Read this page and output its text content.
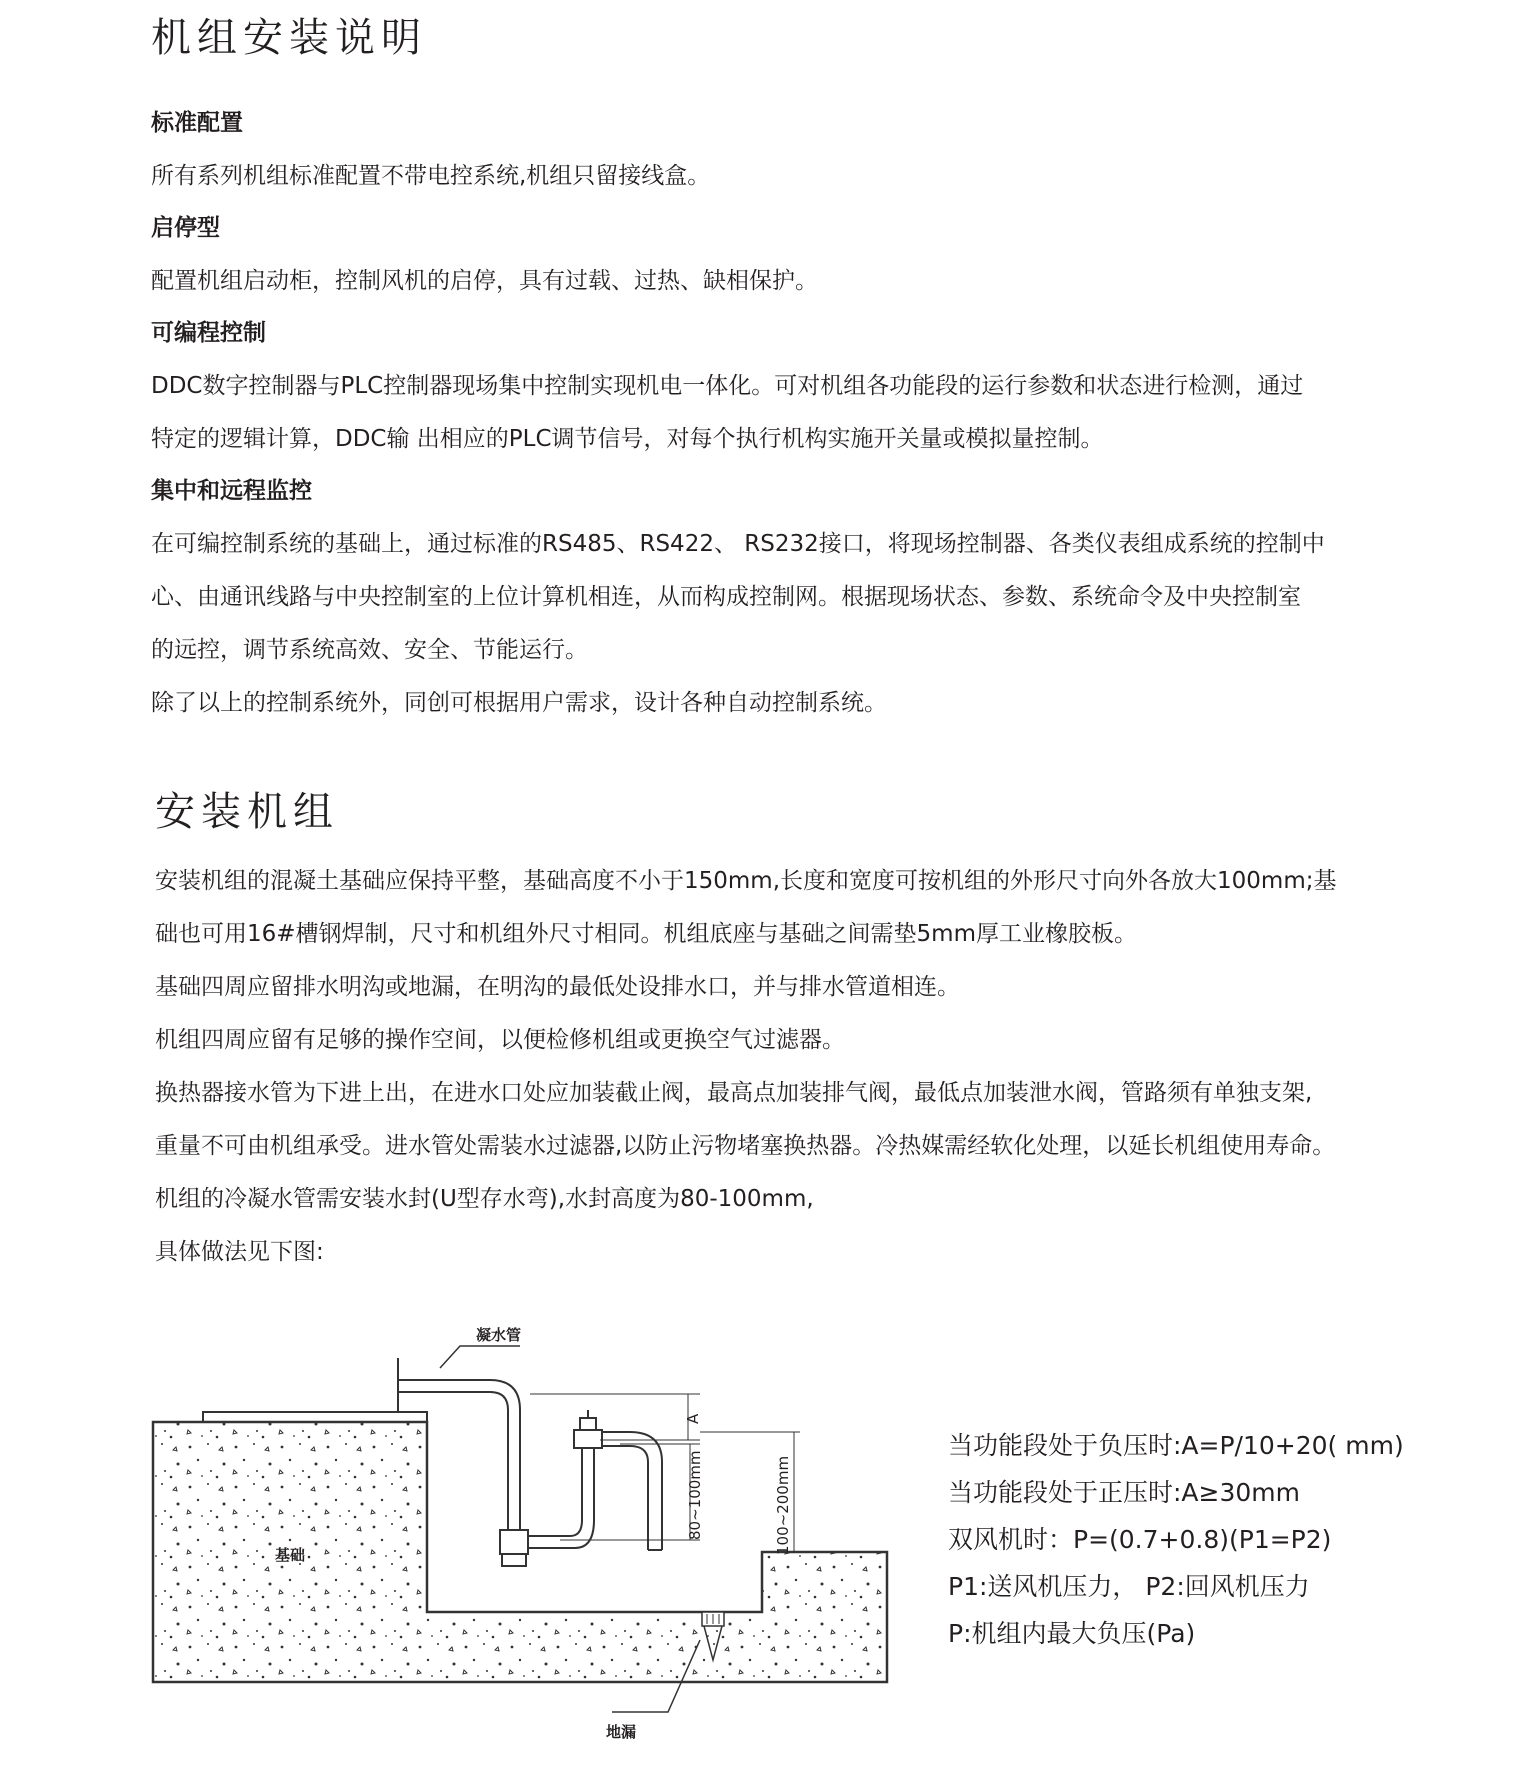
机组安装说明
标准配置
所有系列机组标准配置不带电控系统,机组只留接线盒。
启停型
配置机组启动柜，控制风机的启停，具有过载、过热、缺相保护。
可编程控制
DDC数字控制器与PLC控制器现场集中控制实现机电一体化。可对机组各功能段的运行参数和状态进行检测，通过
特定的逻辑计算，DDC输 出相应的PLC调节信号，对每个执行机构实施开关量或模拟量控制。
集中和远程监控
在可编控制系统的基础上，通过标准的RS485、RS422、 RS232接口，将现场控制器、各类仪表组成系统的控制中
心、由通讯线路与中央控制室的上位计算机相连，从而构成控制网。根据现场状态、参数、系统命令及中央控制室
的远控，调节系统高效、安全、节能运行。
除了以上的控制系统外，同创可根据用户需求，设计各种自动控制系统。
安装机组
安装机组的混凝土基础应保持平整，基础高度不小于150mm,长度和宽度可按机组的外形尺寸向外各放大100mm;基
础也可用16#槽钢焊制，尺寸和机组外尺寸相同。机组底座与基础之间需垫5mm厚工业橡胶板。
基础四周应留排水明沟或地漏，在明沟的最低处设排水口，并与排水管道相连。
机组四周应留有足够的操作空间，以便检修机组或更换空气过滤器。
换热器接水管为下进上出，在进水口处应加装截止阀，最高点加装排气阀，最低点加装泄水阀，管路须有单独支架,
重量不可由机组承受。进水管处需装水过滤器,以防止污物堵塞换热器。冷热媒需经软化处理，以延长机组使用寿命。
机组的冷凝水管需安装水封(U型存水弯),水封高度为80-100mm,
具体做法见下图:
凝水管
A
80~100mm	100~200mm
基础
地漏
当功能段处于负压时:A=P/10+20( mm)
当功能段处于正压时:A≥30mm
双风机时：P=(0.7+0.8)(P1=P2)
P1:送风机压力， P2:回风机压力
P:机组内最大负压(Pa)
